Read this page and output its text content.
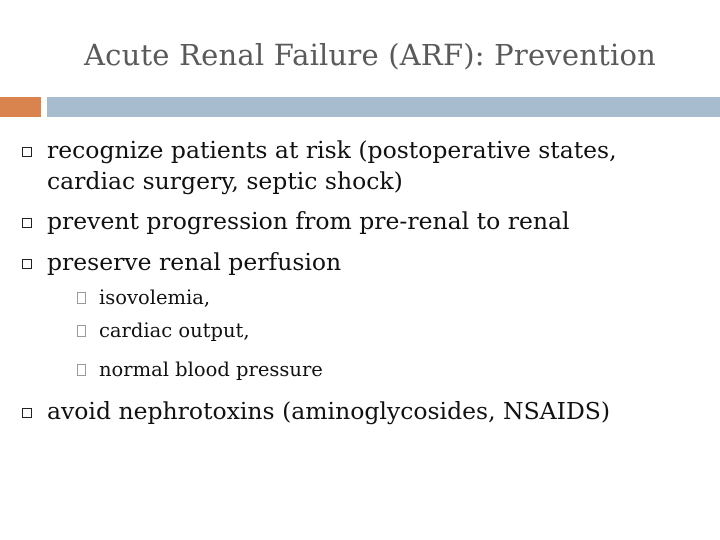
Acute Renal Failure (ARF): Prevention
recognize patients at risk (postoperative states,
cardiac surgery, septic shock)
prevent progression from pre-renal to renal
preserve renal perfusion
isovolemia,
cardiac output,
normal blood pressure
avoid nephrotoxins (aminoglycosides, NSAIDS)
